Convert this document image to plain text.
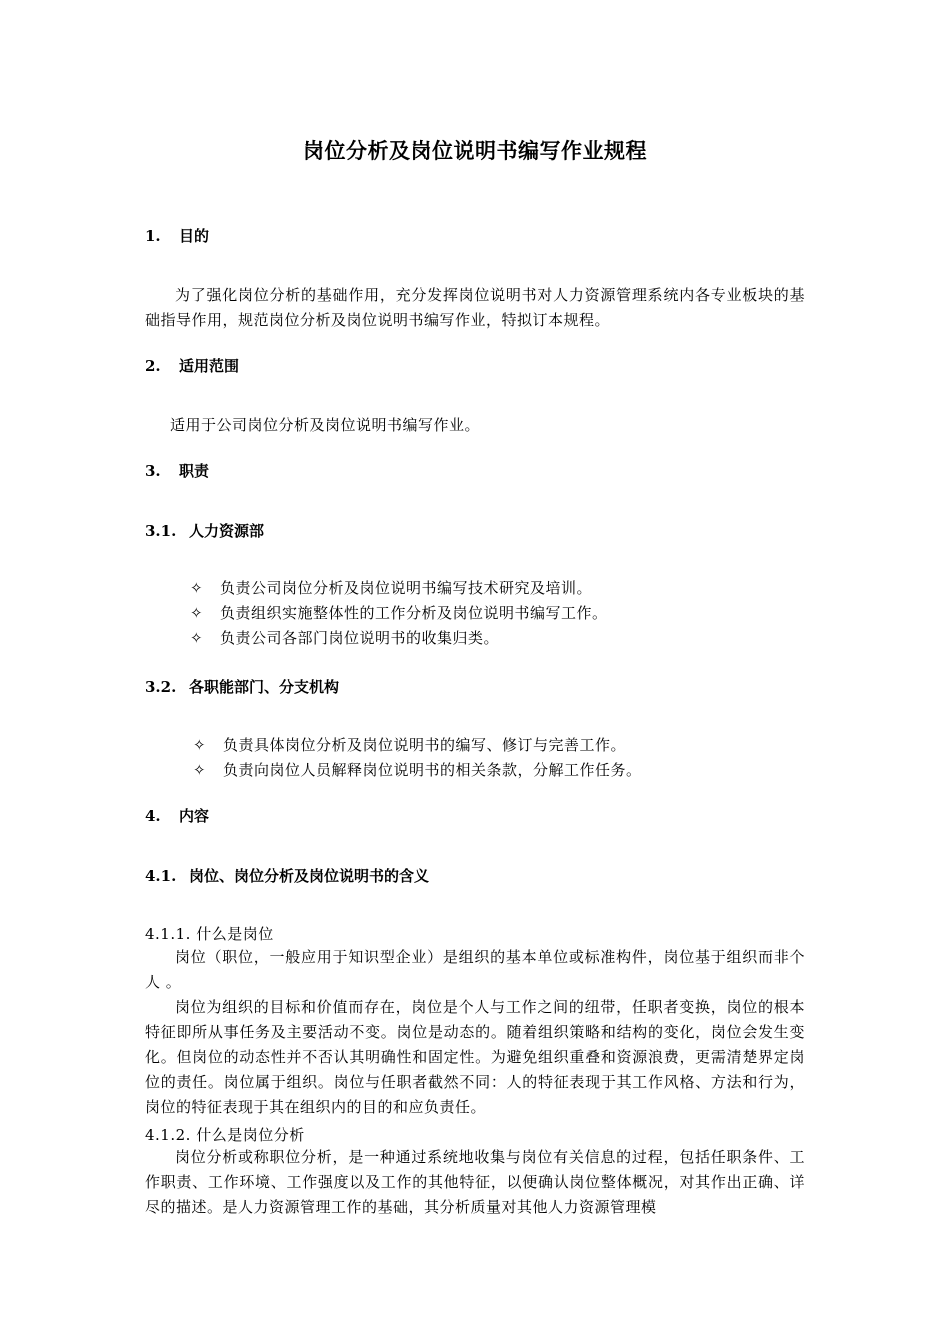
岗位分析及岗位说明书编写作业规程
1. 目的
为了强化岗位分析的基础作用，充分发挥岗位说明书对人力资源管理系统内各专业板块的基础指导作用，规范岗位分析及岗位说明书编写作业，特拟订本规程。
2. 适用范围
适用于公司岗位分析及岗位说明书编写作业。
3. 职责
3.1. 人力资源部
✧ 负责公司岗位分析及岗位说明书编写技术研究及培训。
✧ 负责组织实施整体性的工作分析及岗位说明书编写工作。
✧ 负责公司各部门岗位说明书的收集归类。
3.2. 各职能部门、分支机构
✧ 负责具体岗位分析及岗位说明书的编写、修订与完善工作。
✧ 负责向岗位人员解释岗位说明书的相关条款，分解工作任务。
4. 内容
4.1. 岗位、岗位分析及岗位说明书的含义
4.1.1. 什么是岗位
岗位（职位，一般应用于知识型企业）是组织的基本单位或标准构件，岗位基于组织而非个人 。
岗位为组织的目标和价值而存在，岗位是个人与工作之间的纽带，任职者变换，岗位的根本特征即所从事任务及主要活动不变。岗位是动态的。随着组织策略和结构的变化，岗位会发生变化。但岗位的动态性并不否认其明确性和固定性。为避免组织重叠和资源浪费，更需清楚界定岗位的责任。岗位属于组织。岗位与任职者截然不同：人的特征表现于其工作风格、方法和行为，岗位的特征表现于其在组织内的目的和应负责任。
4.1.2. 什么是岗位分析
岗位分析或称职位分析，是一种通过系统地收集与岗位有关信息的过程，包括任职条件、工作职责、工作环境、工作强度以及工作的其他特征，以便确认岗位整体概况，对其作出正确、详尽的描述。是人力资源管理工作的基础，其分析质量对其他人力资源管理模
